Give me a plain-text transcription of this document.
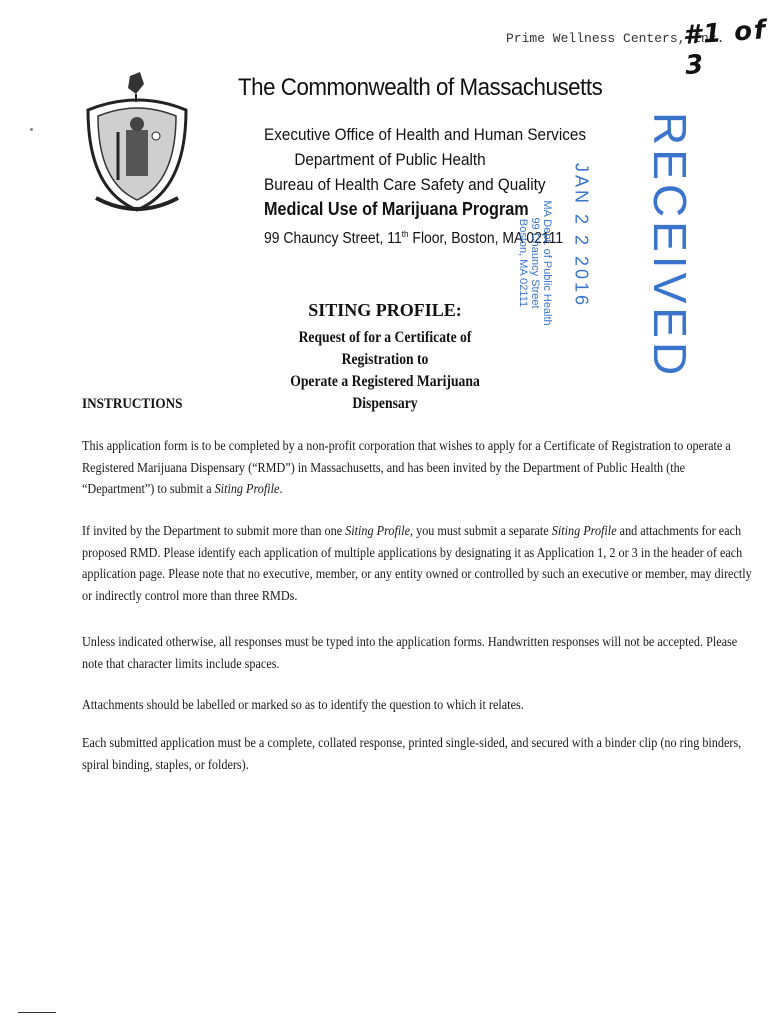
Prime Wellness Centers, Inc.
#1 of 3
The Commonwealth of Massachusetts
Executive Office of Health and Human Services
Department of Public Health
Bureau of Health Care Safety and Quality
Medical Use of Marijuana Program
99 Chauncy Street, 11th Floor, Boston, MA 02111 RECEIVED
JAN 2 2 2016
MA Dept. of Public Health
99 Chauncy Street
Boston, MA 02111
SITING PROFILE:
Request of for a Certificate of Registration to
Operate a Registered Marijuana Dispensary
INSTRUCTIONS
This application form is to be completed by a non-profit corporation that wishes to apply for a Certificate of Registration to operate a Registered Marijuana Dispensary (“RMD”) in Massachusetts, and has been invited by the Department of Public Health (the “Department”) to submit a Siting Profile.
If invited by the Department to submit more than one Siting Profile, you must submit a separate Siting Profile and attachments for each proposed RMD. Please identify each application of multiple applications by designating it as Application 1, 2 or 3 in the header of each application page. Please note that no executive, member, or any entity owned or controlled by such an executive or member, may directly or indirectly control more than three RMDs.
Unless indicated otherwise, all responses must be typed into the application forms. Handwritten responses will not be accepted. Please note that character limits include spaces.
Attachments should be labelled or marked so as to identify the question to which it relates.
Each submitted application must be a complete, collated response, printed single-sided, and secured with a binder clip (no ring binders, spiral binding, staples, or folders).
